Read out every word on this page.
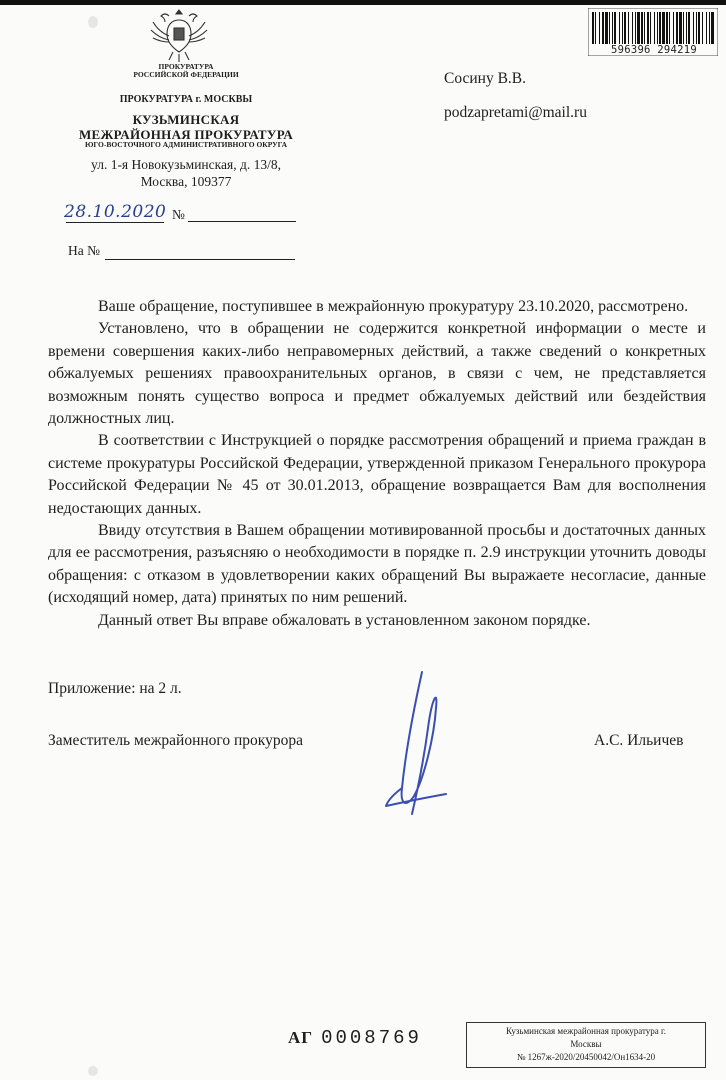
ПРОКУРАТУРА
РОССИЙСКОЙ ФЕДЕРАЦИИ
ПРОКУРАТУРА г. МОСКВЫ
КУЗЬМИНСКАЯ
МЕЖРАЙОННАЯ ПРОКУРАТУРА
ЮГО-ВОСТОЧНОГО АДМИНИСТРАТИВНОГО ОКРУГА
ул. 1-я Новокузьминская, д. 13/8,
Москва, 109377
28.10.2020 №
На №
Сосину В.В.
podzapretami@mail.ru
596396 294219

Ваше обращение, поступившее в межрайонную прокуратуру 23.10.2020, рассмотрено.

Установлено, что в обращении не содержится конкретной информации о месте и времени совершения каких-либо неправомерных действий, а также сведений о конкретных обжалуемых решениях правоохранительных органов, в связи с чем, не представляется возможным понять существо вопроса и предмет обжалуемых действий или бездействия должностных лиц.

В соответствии с Инструкцией о порядке рассмотрения обращений и приема граждан в системе прокуратуры Российской Федерации, утвержденной приказом Генерального прокурора Российской Федерации № 45 от 30.01.2013, обращение возвращается Вам для восполнения недостающих данных.

Ввиду отсутствия в Вашем обращении мотивированной просьбы и достаточных данных для ее рассмотрения, разъясняю о необходимости в порядке п. 2.9 инструкции уточнить доводы обращения: с отказом в удовлетворении каких обращений Вы выражаете несогласие, данные (исходящий номер, дата) принятых по ним решений.

Данный ответ Вы вправе обжаловать в установленном законом порядке.

Приложение: на 2 л.
Заместитель межрайонного прокурора	А.С. Ильичев
АГ 0008769	Кузьминская межрайонная прокуратура г.
Москвы
№ 1267ж-2020/20450042/Он1634-20
